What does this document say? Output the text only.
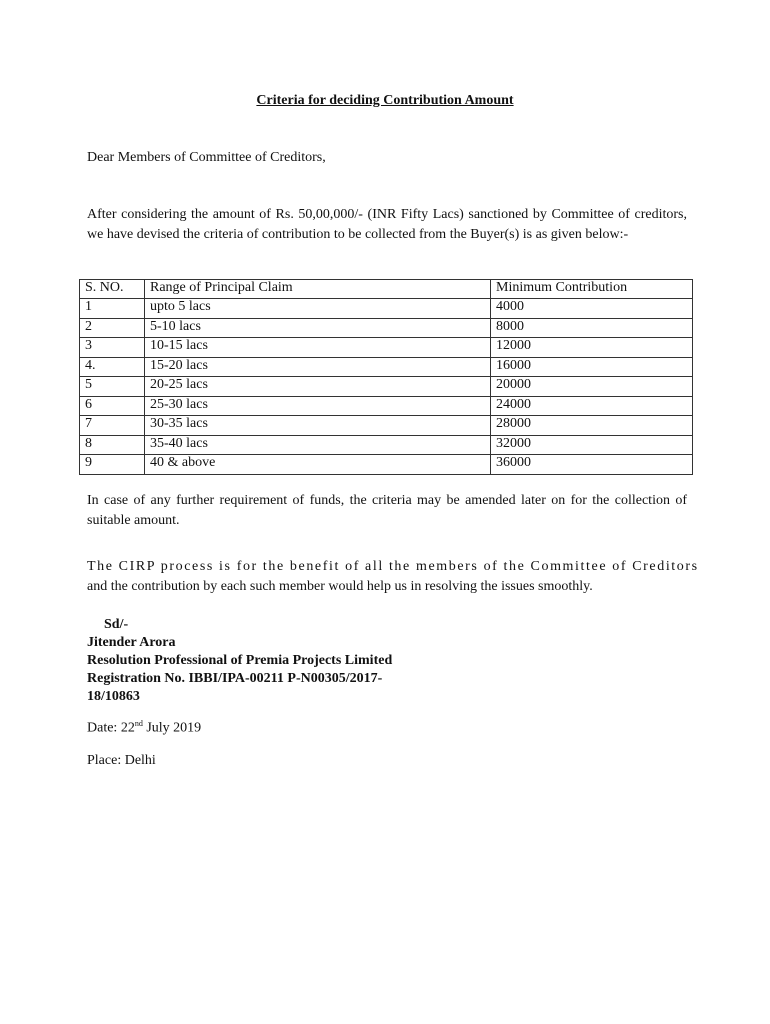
Criteria for deciding Contribution Amount
Dear Members of Committee of Creditors,
After considering the amount of Rs. 50,00,000/- (INR Fifty Lacs) sanctioned by Committee of creditors, we have devised the criteria of contribution to be collected from the Buyer(s) is as given below:-
S. NO.	Range of Principal Claim	Minimum Contribution
1	upto 5 lacs	4000
2	5-10 lacs	8000
3	10-15 lacs	12000
4.	15-20 lacs	16000
5	20-25 lacs	20000
6	25-30 lacs	24000
7	30-35 lacs	28000
8	35-40 lacs	32000
9	40 & above	36000
In case of any further requirement of funds, the criteria may be amended later on for the collection of suitable amount.
The CIRP process is for the benefit of all the members of the Committee of Creditors
and the contribution by each such member would help us in resolving the issues smoothly.
Sd/-
Jitender Arora
Resolution Professional of Premia Projects Limited
Registration No. IBBI/IPA-00211 P-N00305/2017-
18/10863
Date: 22nd July 2019
Place: Delhi
